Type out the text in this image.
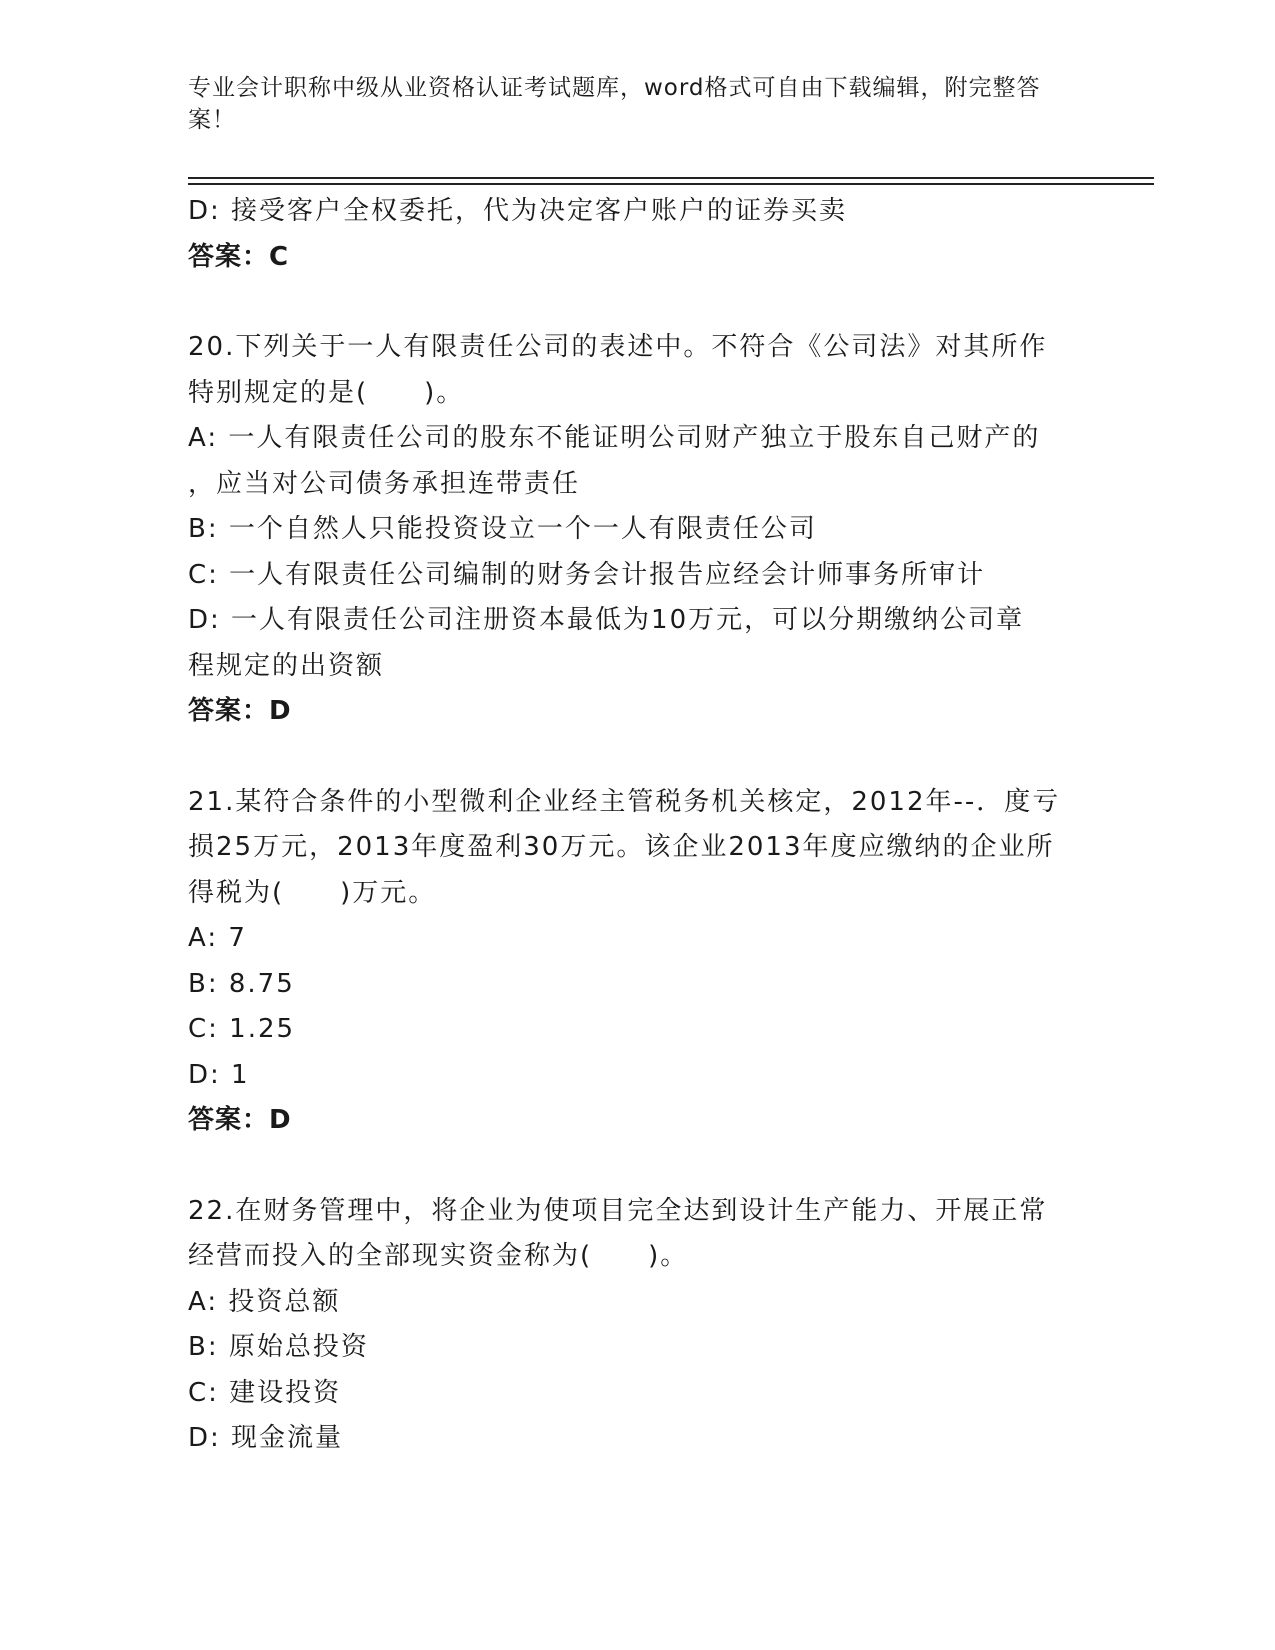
专业会计职称中级从业资格认证考试题库，word格式可自由下载编辑，附完整答案！
D: 接受客户全权委托，代为决定客户账户的证券买卖
答案：C
20.下列关于一人有限责任公司的表述中。不符合《公司法》对其所作
特别规定的是(　　)。
A: 一人有限责任公司的股东不能证明公司财产独立于股东自己财产的
，应当对公司债务承担连带责任
B: 一个自然人只能投资设立一个一人有限责任公司
C: 一人有限责任公司编制的财务会计报告应经会计师事务所审计
D: 一人有限责任公司注册资本最低为10万元，可以分期缴纳公司章
程规定的出资额
答案：D
21.某符合条件的小型微利企业经主管税务机关核定，2012年--．度亏
损25万元，2013年度盈利30万元。该企业2013年度应缴纳的企业所
得税为(　　)万元。
A: 7
B: 8.75
C: 1.25
D: 1
答案：D
22.在财务管理中，将企业为使项目完全达到设计生产能力、开展正常
经营而投入的全部现实资金称为(　　)。
A: 投资总额
B: 原始总投资
C: 建设投资
D: 现金流量
